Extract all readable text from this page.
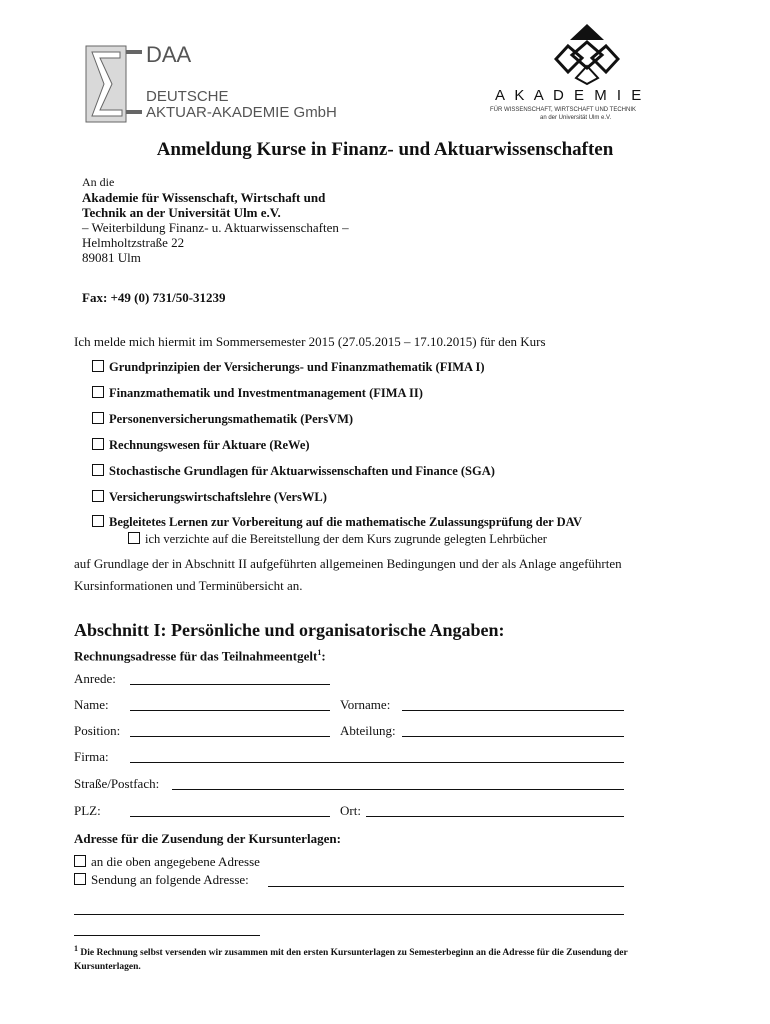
DAA
DEUTSCHE
AKTUAR-AKADEMIE GmbH
A K A D E M I E
FÜR WISSENSCHAFT, WIRTSCHAFT UND TECHNIK
an der Universität Ulm e.V.
Anmeldung Kurse in Finanz- und Aktuarwissenschaften
An die
Akademie für Wissenschaft, Wirtschaft und
Technik an der Universität Ulm e.V.
– Weiterbildung Finanz- u. Aktuarwissenschaften –
Helmholtzstraße 22
89081 Ulm
Fax: +49 (0) 731/50-31239
Ich melde mich hiermit im Sommersemester 2015 (27.05.2015 – 17.10.2015) für den Kurs
Grundprinzipien der Versicherungs- und Finanzmathematik (FIMA I)
Finanzmathematik und Investmentmanagement (FIMA II)
Personenversicherungsmathematik (PersVM)
Rechnungswesen für Aktuare (ReWe)
Stochastische Grundlagen für Aktuarwissenschaften und Finance (SGA)
Versicherungswirtschaftslehre (VersWL)
Begleitetes Lernen zur Vorbereitung auf die mathematische Zulassungsprüfung der DAV
ich verzichte auf die Bereitstellung der dem Kurs zugrunde gelegten Lehrbücher
auf Grundlage der in Abschnitt II aufgeführten allgemeinen Bedingungen und der als Anlage angeführten
Kursinformationen und Terminübersicht an.
Abschnitt I: Persönliche und organisatorische Angaben:
Rechnungsadresse für das Teilnahmeentgelt$^1$:
Anrede:
Name:	Vorname:
Position:	Abteilung:
Firma:
Straße/Postfach:
PLZ:	Ort:
Adresse für die Zusendung der Kursunterlagen:
an die oben angegebene Adresse
Sendung an folgende Adresse:
$^1$ Die Rechnung selbst versenden wir zusammen mit den ersten Kursunterlagen zu Semesterbeginn an die Adresse für die Zusendung der Kursunterlagen.
